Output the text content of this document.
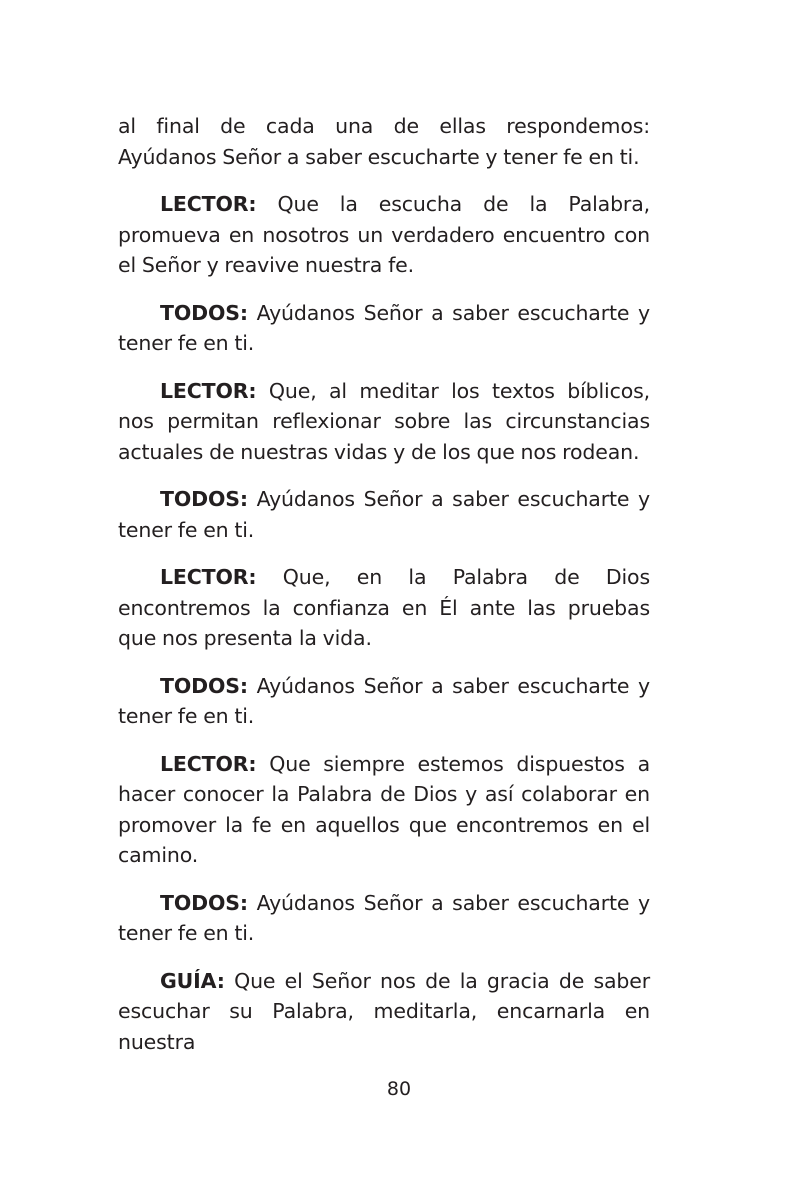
al final de cada una de ellas respondemos: Ayúdanos Señor a saber escucharte y tener fe en ti.

LECTOR: Que la escucha de la Palabra, promueva en nosotros un verdadero encuentro con el Señor y reavive nuestra fe.

TODOS: Ayúdanos Señor a saber escucharte y tener fe en ti.

LECTOR: Que, al meditar los textos bíblicos, nos permitan reflexionar sobre las circunstancias actuales de nuestras vidas y de los que nos rodean.

TODOS: Ayúdanos Señor a saber escucharte y tener fe en ti.

LECTOR: Que, en la Palabra de Dios encontremos la confianza en Él ante las pruebas que nos presenta la vida.

TODOS: Ayúdanos Señor a saber escucharte y tener fe en ti.

LECTOR: Que siempre estemos dispuestos a hacer conocer la Palabra de Dios y así colaborar en promover la fe en aquellos que encontremos en el camino.

TODOS: Ayúdanos Señor a saber escucharte y tener fe en ti.

GUÍA: Que el Señor nos de la gracia de saber escuchar su Palabra, meditarla, encarnarla en nuestra

80
